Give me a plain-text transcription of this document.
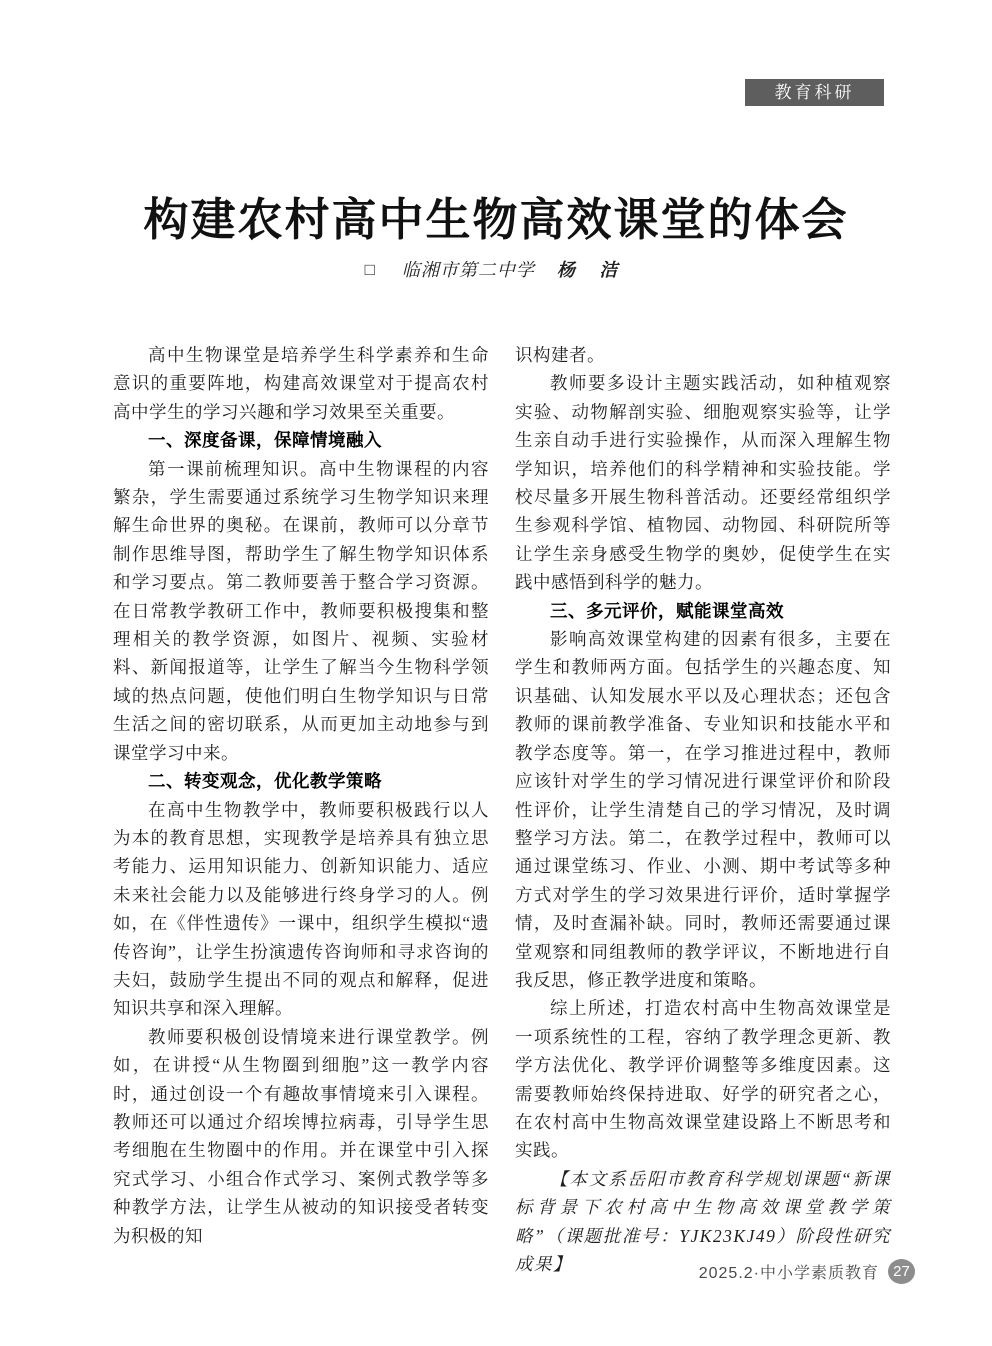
教育科研
构建农村高中生物高效课堂的体会
□ 临湘市第二中学 杨 洁

高中生物课堂是培养学生科学素养和生命意识的重要阵地，构建高效课堂对于提高农村高中学生的学习兴趣和学习效果至关重要。

一、深度备课，保障情境融入

第一课前梳理知识。高中生物课程的内容繁杂，学生需要通过系统学习生物学知识来理解生命世界的奥秘。在课前，教师可以分章节制作思维导图，帮助学生了解生物学知识体系和学习要点。第二教师要善于整合学习资源。在日常教学教研工作中，教师要积极搜集和整理相关的教学资源，如图片、视频、实验材料、新闻报道等，让学生了解当今生物科学领域的热点问题，使他们明白生物学知识与日常生活之间的密切联系，从而更加主动地参与到课堂学习中来。

二、转变观念，优化教学策略

在高中生物教学中，教师要积极践行以人为本的教育思想，实现教学是培养具有独立思考能力、运用知识能力、创新知识能力、适应未来社会能力以及能够进行终身学习的人。例如，在《伴性遗传》一课中，组织学生模拟“遗传咨询”，让学生扮演遗传咨询师和寻求咨询的夫妇，鼓励学生提出不同的观点和解释，促进知识共享和深入理解。

教师要积极创设情境来进行课堂教学。例如，在讲授“从生物圈到细胞”这一教学内容时，通过创设一个有趣故事情境来引入课程。教师还可以通过介绍埃博拉病毒，引导学生思考细胞在生物圈中的作用。并在课堂中引入探究式学习、小组合作式学习、案例式教学等多种教学方法，让学生从被动的知识接受者转变为积极的知

识构建者。

教师要多设计主题实践活动，如种植观察实验、动物解剖实验、细胞观察实验等，让学生亲自动手进行实验操作，从而深入理解生物学知识，培养他们的科学精神和实验技能。学校尽量多开展生物科普活动。还要经常组织学生参观科学馆、植物园、动物园、科研院所等让学生亲身感受生物学的奥妙，促使学生在实践中感悟到科学的魅力。

三、多元评价，赋能课堂高效

影响高效课堂构建的因素有很多，主要在学生和教师两方面。包括学生的兴趣态度、知识基础、认知发展水平以及心理状态；还包含教师的课前教学准备、专业知识和技能水平和教学态度等。第一，在学习推进过程中，教师应该针对学生的学习情况进行课堂评价和阶段性评价，让学生清楚自己的学习情况，及时调整学习方法。第二，在教学过程中，教师可以通过课堂练习、作业、小测、期中考试等多种方式对学生的学习效果进行评价，适时掌握学情，及时查漏补缺。同时，教师还需要通过课堂观察和同组教师的教学评议，不断地进行自我反思，修正教学进度和策略。

综上所述，打造农村高中生物高效课堂是一项系统性的工程，容纳了教学理念更新、教学方法优化、教学评价调整等多维度因素。这需要教师始终保持进取、好学的研究者之心，在农村高中生物高效课堂建设路上不断思考和实践。

【本文系岳阳市教育科学规划课题“新课标背景下农村高中生物高效课堂教学策略”（课题批准号：YJK23KJ49）阶段性研究成果】	2025.2·中小学素质教育 27
